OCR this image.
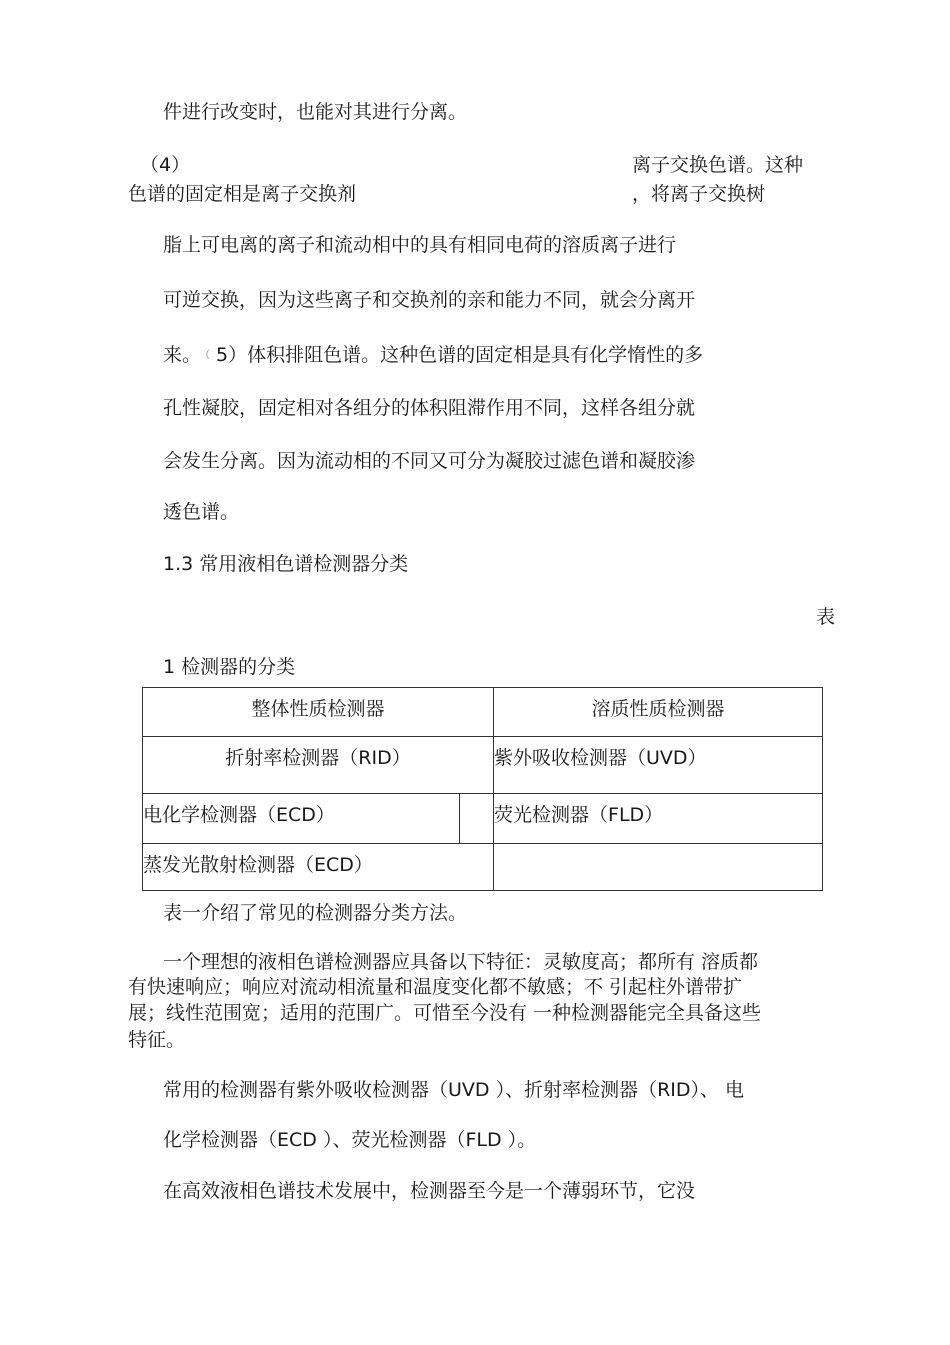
件进行改变时，也能对其进行分离。
（4）	离子交换色谱。这种
色谱的固定相是离子交换剂	，将离子交换树
脂上可电离的离子和流动相中的具有相同电荷的溶质离子进行
可逆交换，因为这些离子和交换剂的亲和能力不同，就会分离开
来。 （ 5）体积排阻色谱。这种色谱的固定相是具有化学惰性的多
孔性凝胶，固定相对各组分的体积阻滞作用不同，这样各组分就
会发生分离。因为流动相的不同又可分为凝胶过滤色谱和凝胶渗
透色谱。
1.3 常用液相色谱检测器分类
表
1 检测器的分类
整体性质检测器		溶质性质检测器

折射率检测器（RID）		紫外吸收检测器（UVD）

电化学检测器（ECD）		荧光检测器（FLD）

蒸发光散射检测器（ECD）		

表一介绍了常见的检测器分类方法。
一个理想的液相色谱检测器应具备以下特征：灵敏度高；都所有 溶质都
有快速响应；响应对流动相流量和温度变化都不敏感；不 引起柱外谱带扩
展；线性范围宽；适用的范围广。可惜至今没有 一种检测器能完全具备这些
特征。
常用的检测器有紫外吸收检测器（UVD ）、折射率检测器（RID）、 电
化学检测器（ECD ）、荧光检测器（FLD ）。
在高效液相色谱技术发展中，检测器至今是一个薄弱环节，它没
